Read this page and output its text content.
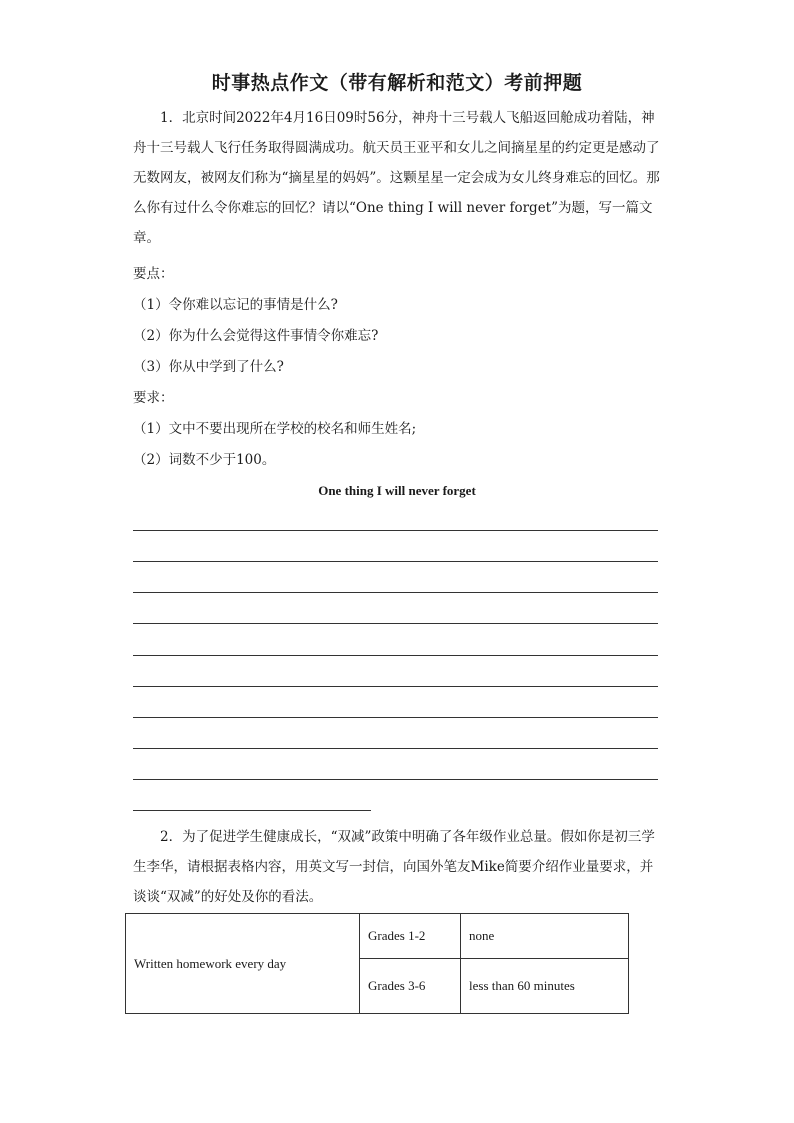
时事热点作文（带有解析和范文）考前押题
1．北京时间2022年4月16日09时56分，神舟十三号载人飞船返回舱成功着陆，神舟十三号载人飞行任务取得圆满成功。航天员王亚平和女儿之间摘星星的约定更是感动了无数网友，被网友们称为“摘星星的妈妈”。这颗星星一定会成为女儿终身难忘的回忆。那么你有过什么令你难忘的回忆？请以“One thing I will never forget”为题，写一篇文章。
要点：
（1）令你难以忘记的事情是什么?
（2）你为什么会觉得这件事情令你难忘?
（3）你从中学到了什么?
要求：
（1）文中不要出现所在学校的校名和师生姓名;
（2）词数不少于100。
One thing I will never forget
2．为了促进学生健康成长，“双减”政策中明确了各年级作业总量。假如你是初三学生李华，请根据表格内容，用英文写一封信，向国外笔友Mike简要介绍作业量要求，并谈谈“双减”的好处及你的看法。
Written homework every day	Grades 1-2	none
	Grades 3-6	less than 60 minutes
